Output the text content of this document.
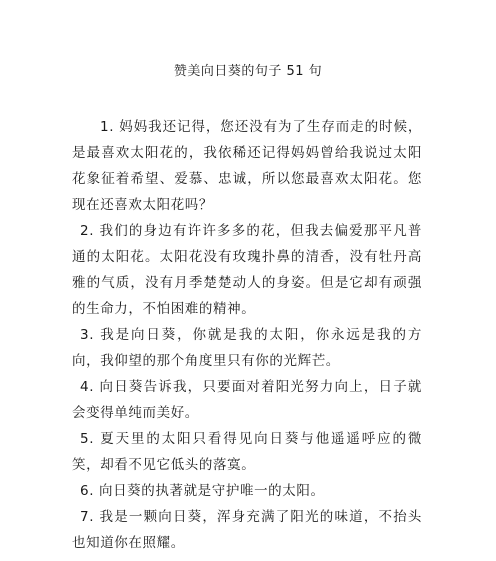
赞美向日葵的句子 51 句

1. 妈妈我还记得，您还没有为了生存而走的时候，是最喜欢太阳花的，我依稀还记得妈妈曾给我说过太阳花象征着希望、爱慕、忠诚，所以您最喜欢太阳花。您现在还喜欢太阳花吗？

2. 我们的身边有许许多多的花，但我去偏爱那平凡普通的太阳花。太阳花没有玫瑰扑鼻的清香，没有牡丹高雅的气质，没有月季楚楚动人的身姿。但是它却有顽强的生命力，不怕困难的精神。

3. 我是向日葵，你就是我的太阳，你永远是我的方向，我仰望的那个角度里只有你的光辉芒。

4. 向日葵告诉我，只要面对着阳光努力向上，日子就会变得单纯而美好。

5. 夏天里的太阳只看得见向日葵与他遥遥呼应的微笑，却看不见它低头的落寞。

6. 向日葵的执著就是守护唯一的太阳。

7. 我是一颗向日葵，浑身充满了阳光的味道，不抬头也知道你在照耀。
